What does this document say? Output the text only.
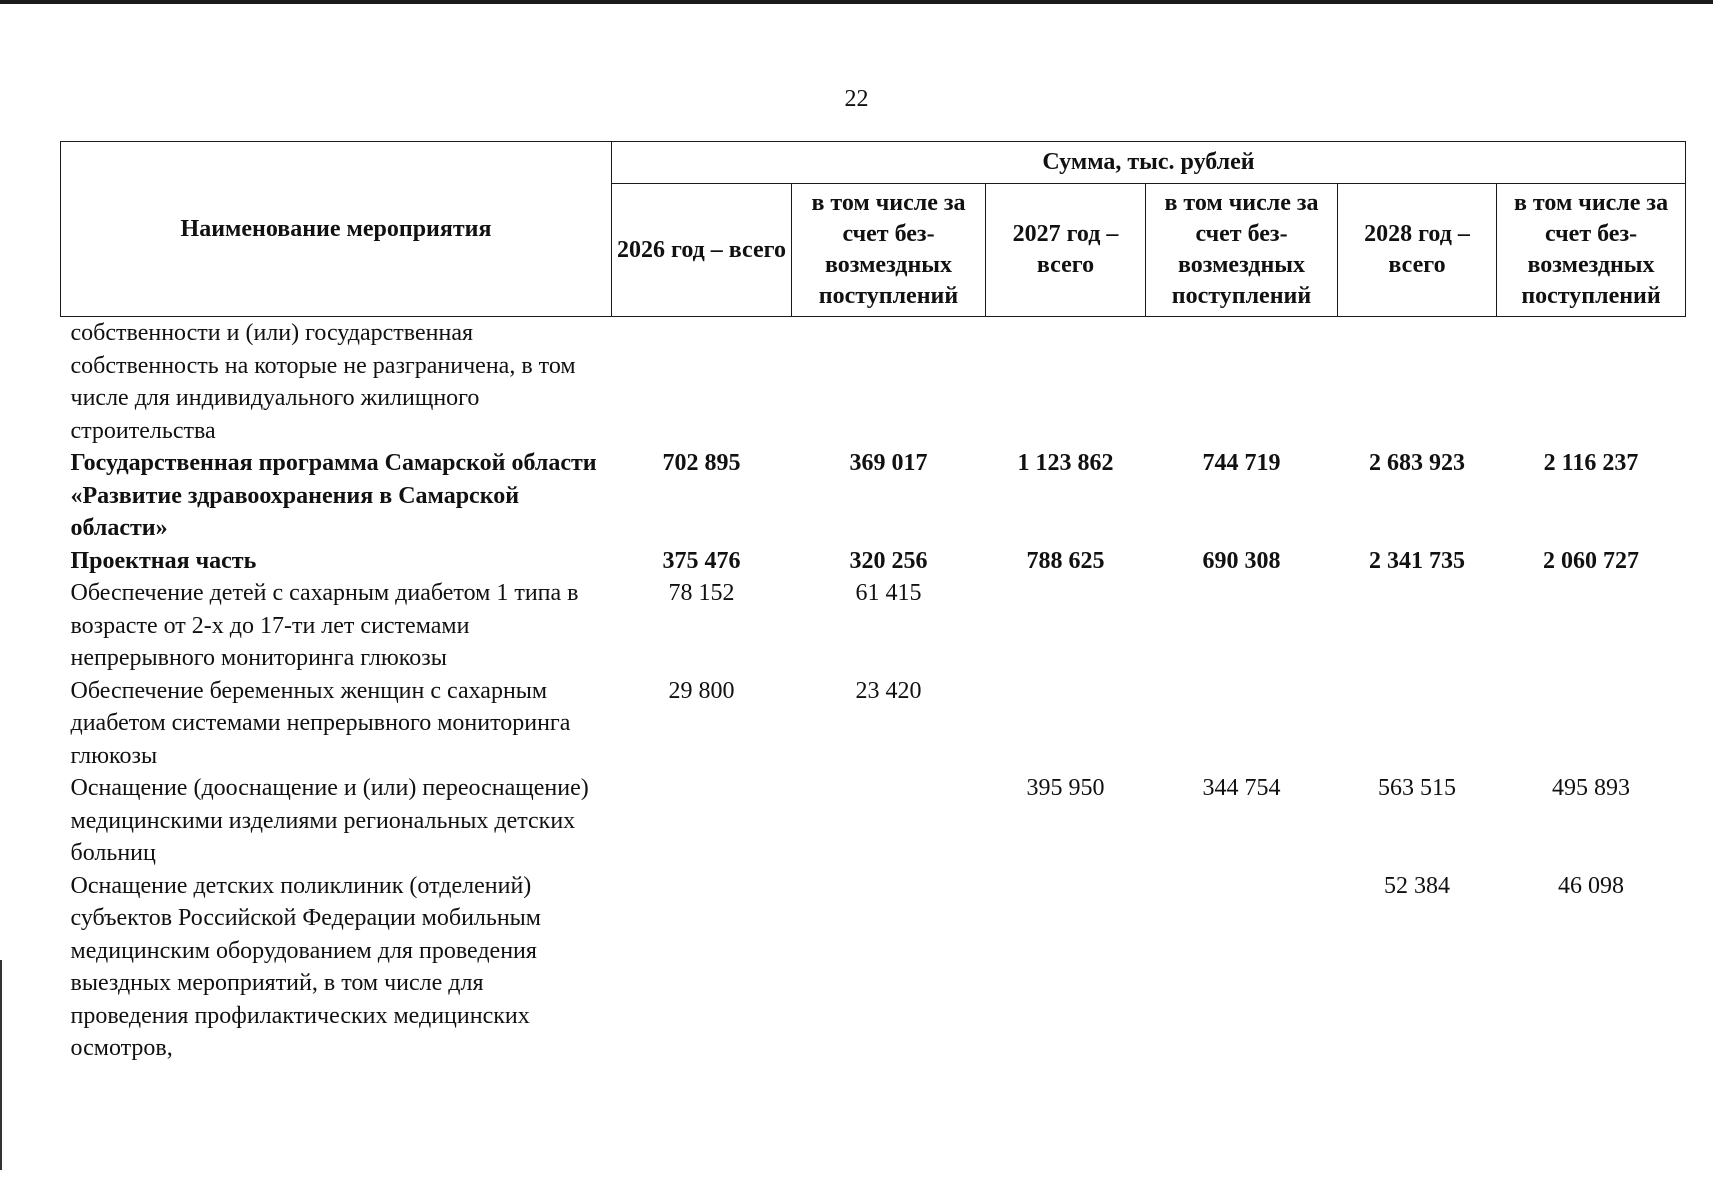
22
Наименование мероприятия	Сумма, тыс. рублей					
	2026 год – всего	в том числе за счет без-возмездных поступлений	2027 год – всего	в том числе за счет без-возмездных поступлений	2028 год – всего	в том числе за счет без-возмездных поступлений
собственности и (или) государственная собственность на которые не разграничена, в том числе для индивидуального жилищного строительства						
Государственная программа Самарской области «Развитие здравоохранения в Самарской области»	702 895	369 017	1 123 862	744 719	2 683 923	2 116 237
Проектная часть	375 476	320 256	788 625	690 308	2 341 735	2 060 727
Обеспечение детей с сахарным диабетом 1 типа в возрасте от 2-х до 17-ти лет системами непрерывного мониторинга глюкозы	78 152	61 415				
Обеспечение беременных женщин с сахарным диабетом системами непрерывного мониторинга глюкозы	29 800	23 420				
Оснащение (дооснащение и (или) переоснащение) медицинскими изделиями региональных детских больниц			395 950	344 754	563 515	495 893
Оснащение детских поликлиник (отделений) субъектов Российской Федерации мобильным медицинским оборудованием для проведения выездных мероприятий, в том числе для проведения профилактических медицинских осмотров,					52 384	46 098
